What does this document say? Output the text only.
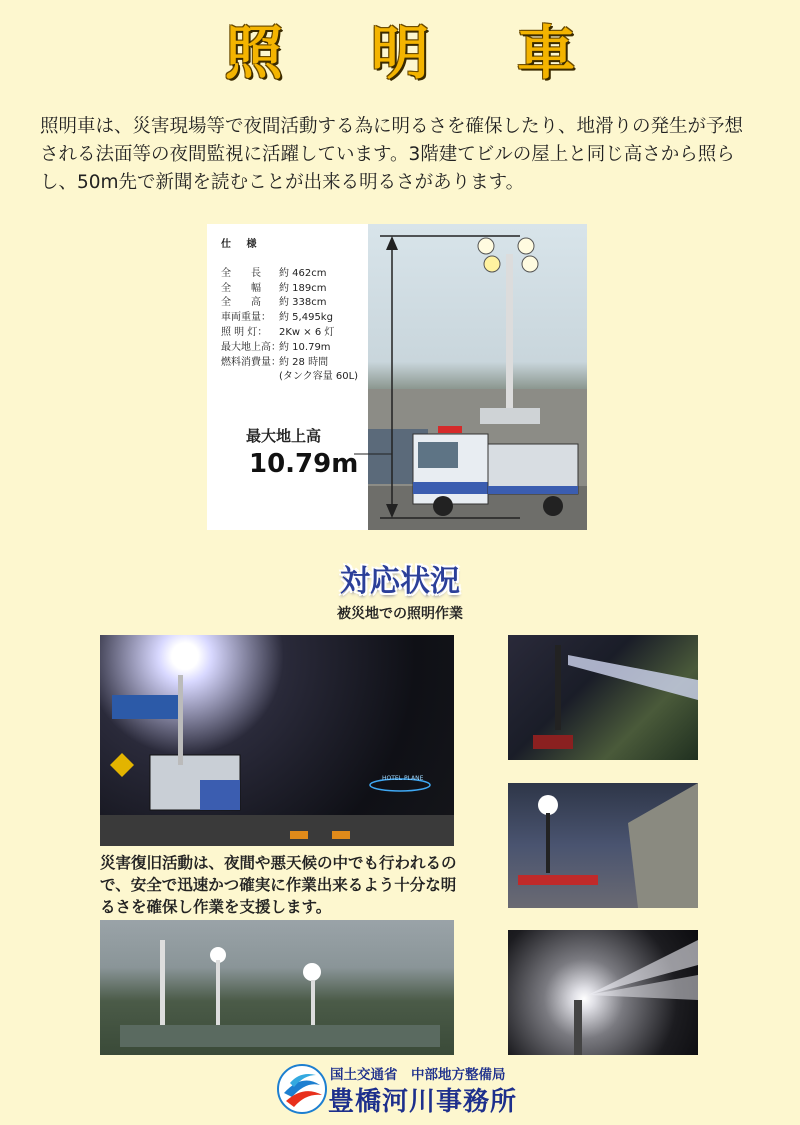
照 明 車
照明車は、災害現場等で夜間活動する為に明るさを確保したり、地滑りの発生が予想される法面等の夜間監視に活躍しています。3階建てビルの屋上と同じ高さから照らし、50m先で新聞を読むことが出来る明るさがあります。
仕 様
全　　長	約 462cm
全　　幅	約 189cm
全　　高	約 338cm
車両重量： 約 5,495kg
照 明 灯：	2Kw × 6 灯
最大地上高：
約 10.79m
燃料消費量：
約 28 時間
(タンク容量 60L)
最大地上高
10.79m
対応状況
被災地での照明作業
HOTEL PLANE
災害復旧活動は、夜間や悪天候の中でも行われるので、安全で迅速かつ確実に作業出来るよう十分な明るさを確保し作業を支援します。
国土交通省　中部地方整備局
豊橋河川事務所
